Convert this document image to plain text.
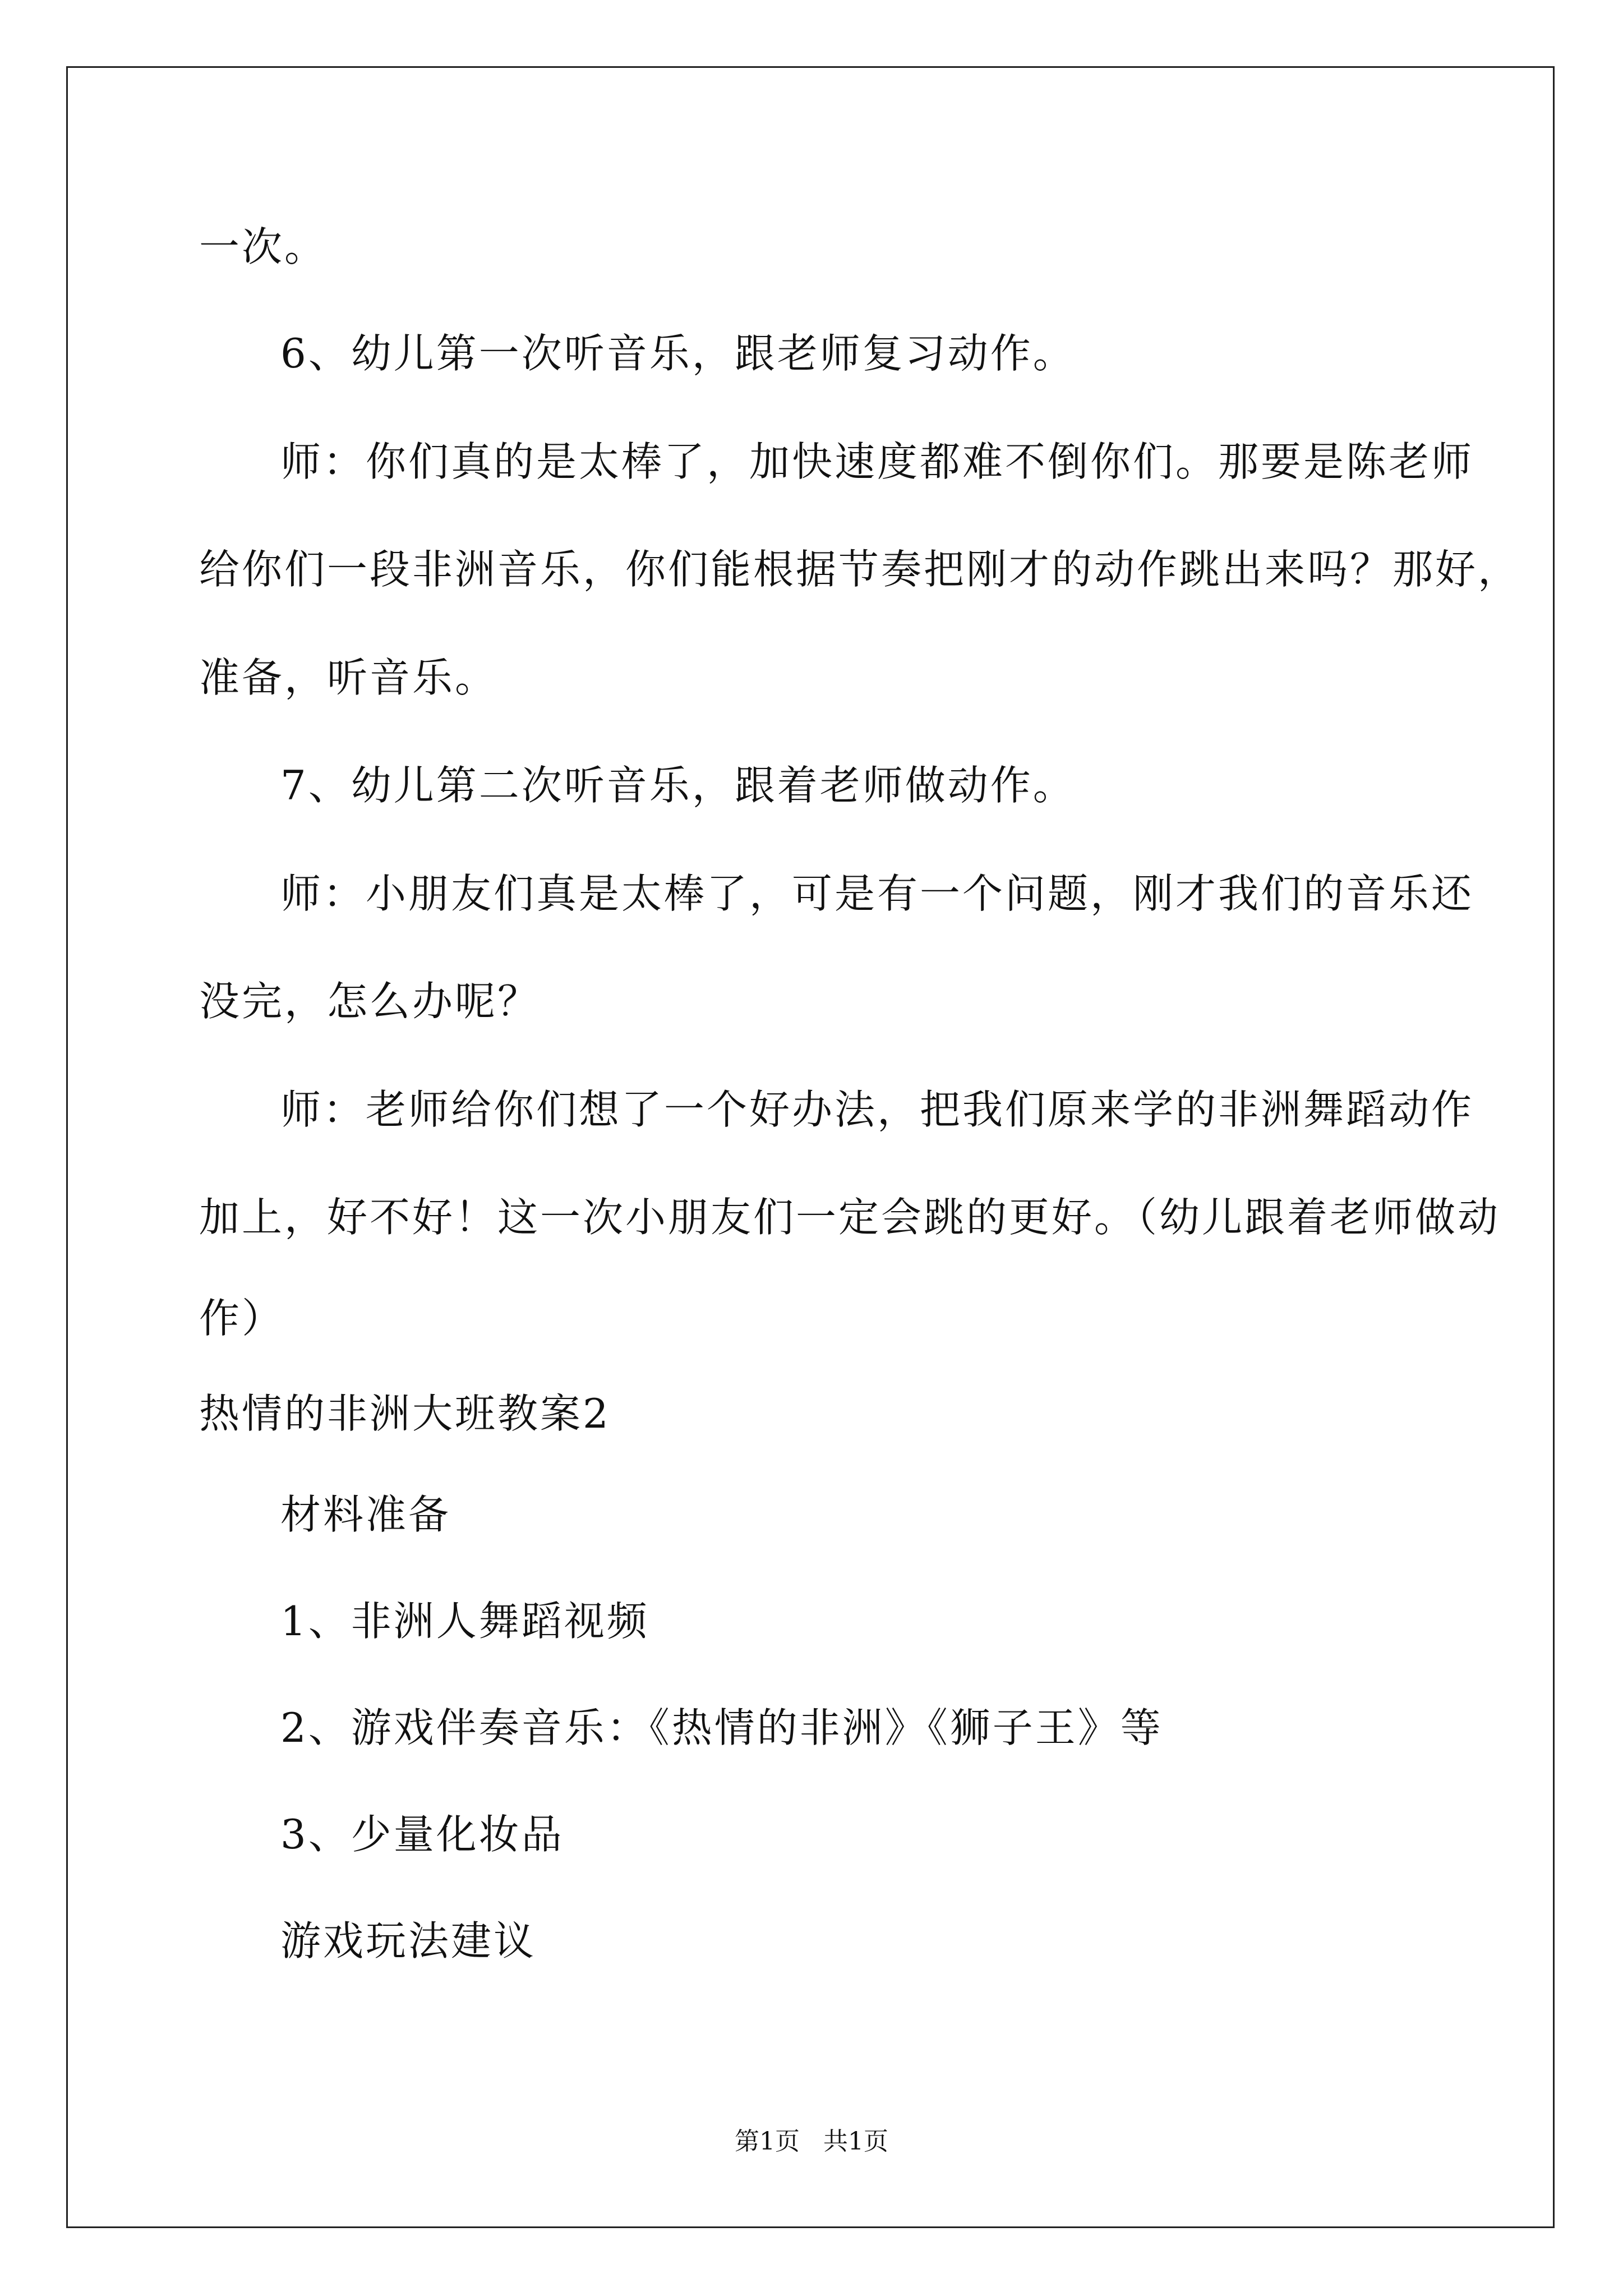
一次。
6、幼儿第一次听音乐，跟老师复习动作。
师：你们真的是太棒了，加快速度都难不倒你们。那要是陈老师
给你们一段非洲音乐，你们能根据节奏把刚才的动作跳出来吗？那好，
准备，听音乐。
7、幼儿第二次听音乐，跟着老师做动作。
师：小朋友们真是太棒了，可是有一个问题，刚才我们的音乐还
没完，怎么办呢？
师：老师给你们想了一个好办法，把我们原来学的非洲舞蹈动作
加上，好不好！这一次小朋友们一定会跳的更好。（幼儿跟着老师做动
作）
热情的非洲大班教案2
材料准备
1、非洲人舞蹈视频
2、游戏伴奏音乐：《热情的非洲》《狮子王》等
3、少量化妆品
游戏玩法建议
第1页   共1页
